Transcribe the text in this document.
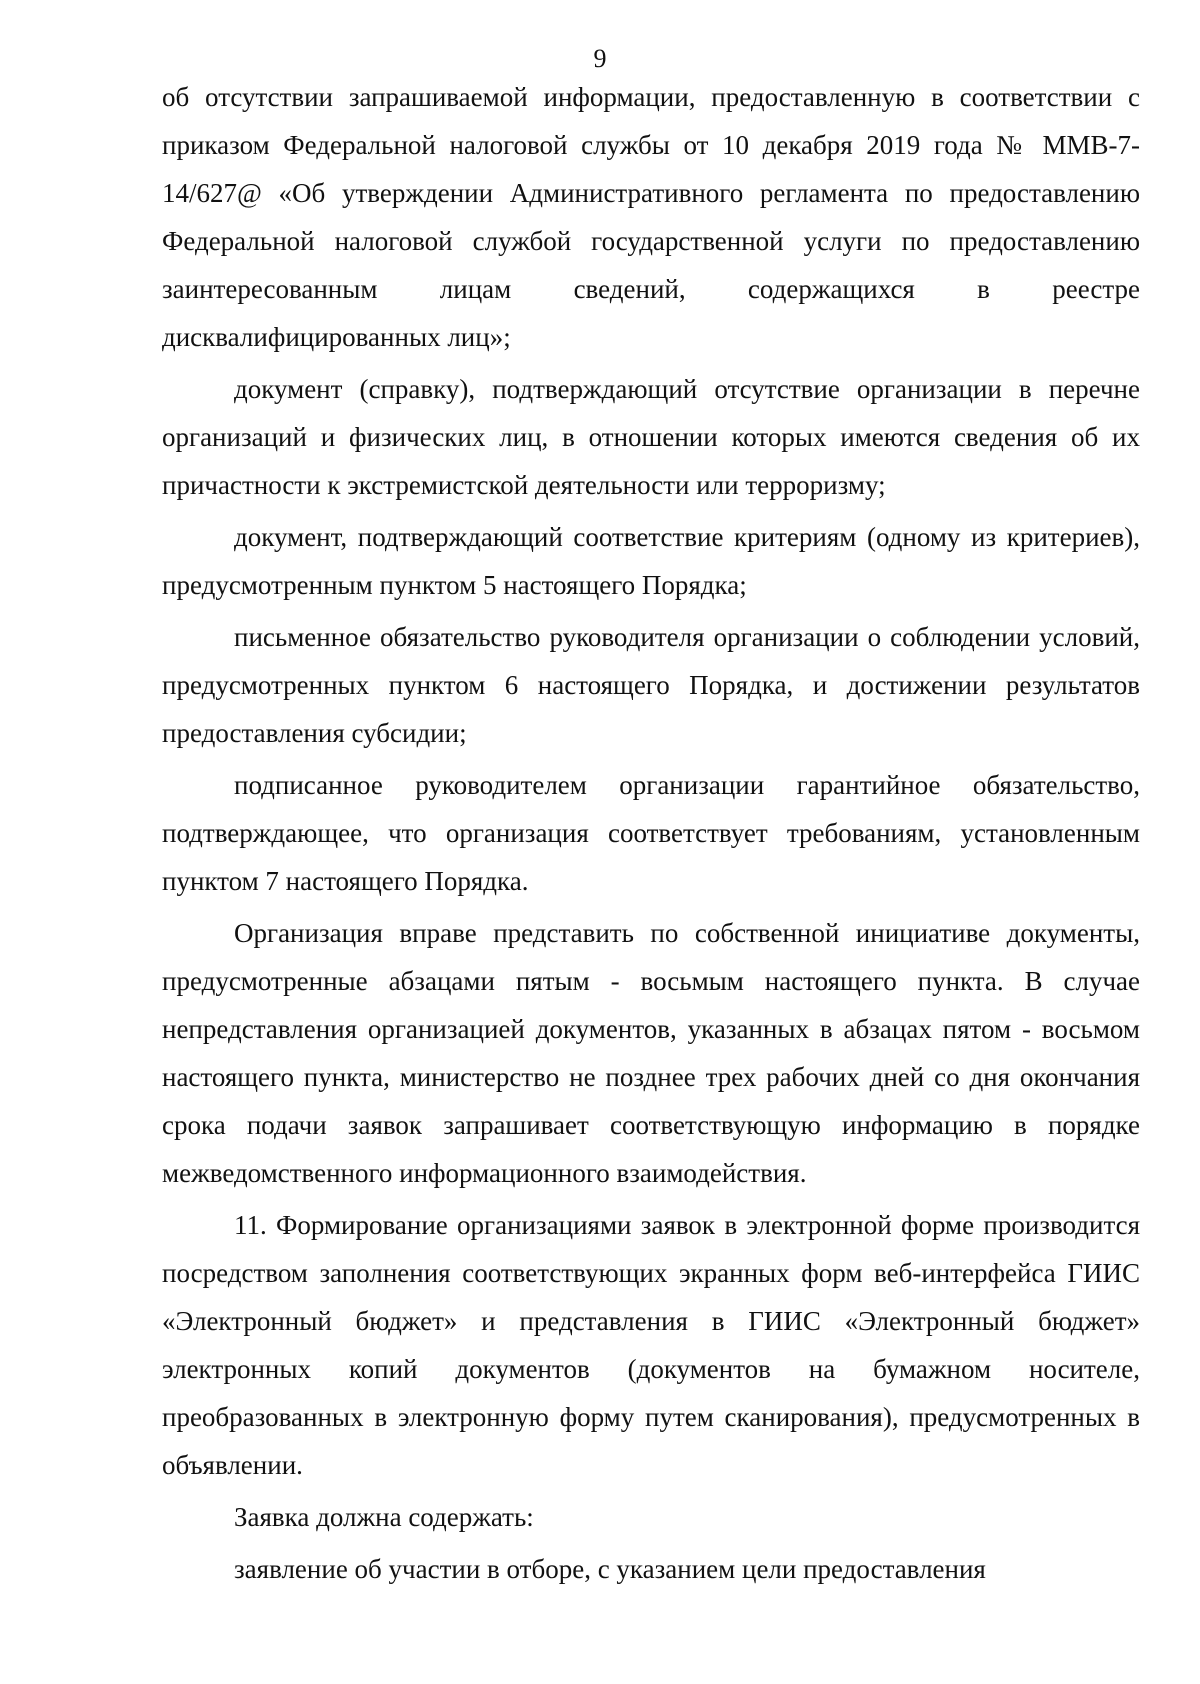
9

об отсутствии запрашиваемой информации, предоставленную в соответствии с приказом Федеральной налоговой службы от 10 декабря 2019 года № ММВ-7-14/627@ «Об утверждении Административного регламента по предоставлению Федеральной налоговой службой государственной услуги по предоставлению заинтересованным лицам сведений, содержащихся в реестре дисквалифицированных лиц»;

документ (справку), подтверждающий отсутствие организации в перечне организаций и физических лиц, в отношении которых имеются сведения об их причастности к экстремистской деятельности или терроризму;

документ, подтверждающий соответствие критериям (одному из критериев), предусмотренным пунктом 5 настоящего Порядка;

письменное обязательство руководителя организации о соблюдении условий, предусмотренных пунктом 6 настоящего Порядка, и достижении результатов предоставления субсидии;

подписанное руководителем организации гарантийное обязательство, подтверждающее, что организация соответствует требованиям, установленным пунктом 7 настоящего Порядка.

Организация вправе представить по собственной инициативе документы, предусмотренные абзацами пятым - восьмым настоящего пункта. В случае непредставления организацией документов, указанных в абзацах пятом - восьмом настоящего пункта, министерство не позднее трех рабочих дней со дня окончания срока подачи заявок запрашивает соответствующую информацию в порядке межведомственного информационного взаимодействия.

11. Формирование организациями заявок в электронной форме производится посредством заполнения соответствующих экранных форм веб-интерфейса ГИИС «Электронный бюджет» и представления в ГИИС «Электронный бюджет» электронных копий документов (документов на бумажном носителе, преобразованных в электронную форму путем сканирования), предусмотренных в объявлении.

Заявка должна содержать:

заявление об участии в отборе, с указанием цели предоставления
